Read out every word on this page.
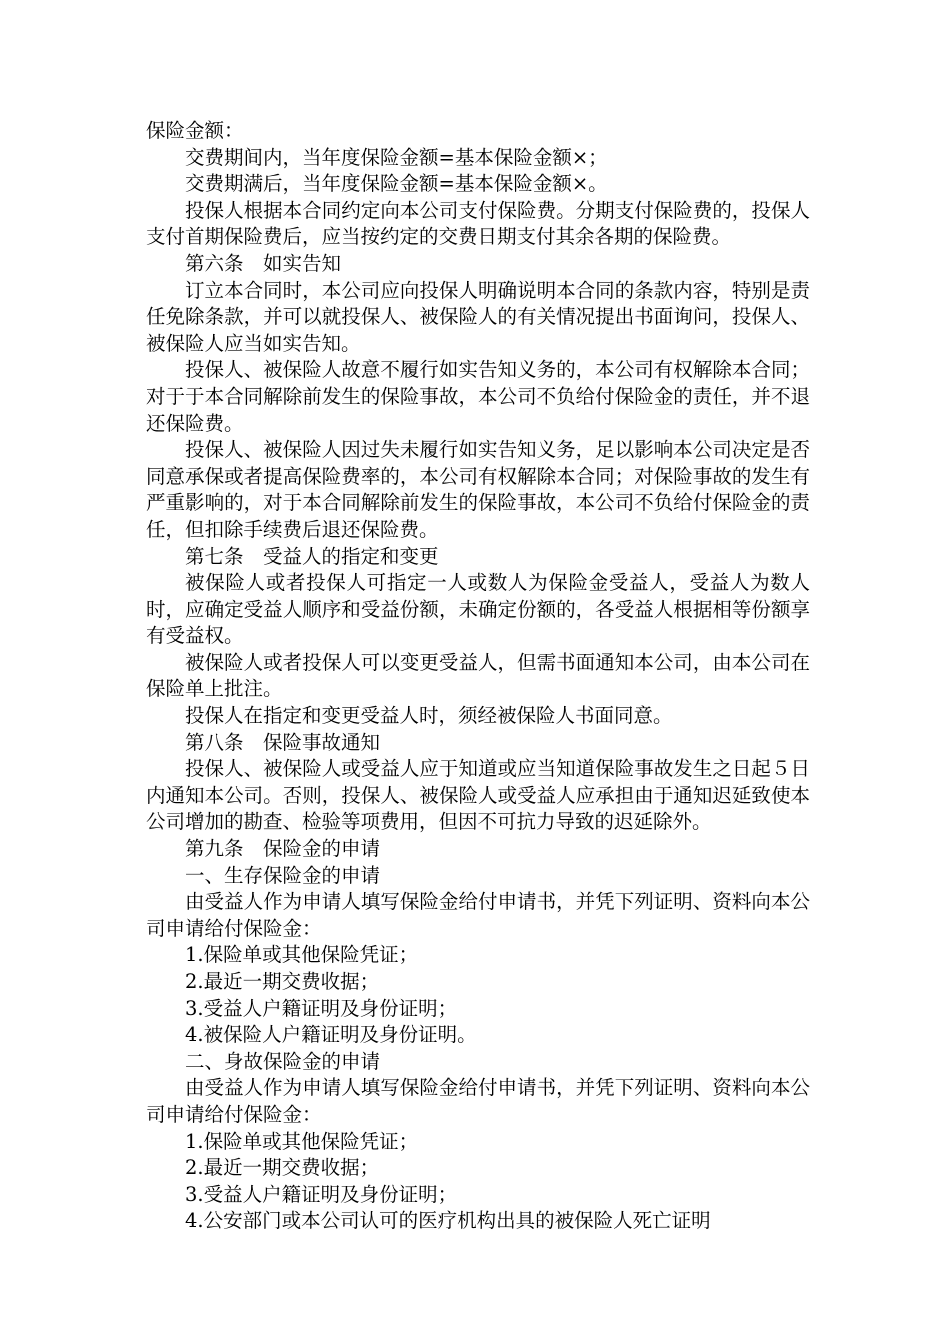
保险金额：

交费期间内，当年度保险金额=基本保险金额×；

交费期满后，当年度保险金额=基本保险金额×。

投保人根据本合同约定向本公司支付保险费。分期支付保险费的，投保人支付首期保险费后，应当按约定的交费日期支付其余各期的保险费。

第六条　如实告知

订立本合同时，本公司应向投保人明确说明本合同的条款内容，特别是责任免除条款，并可以就投保人、被保险人的有关情况提出书面询问，投保人、被保险人应当如实告知。

投保人、被保险人故意不履行如实告知义务的，本公司有权解除本合同；对于于本合同解除前发生的保险事故，本公司不负给付保险金的责任，并不退还保险费。

投保人、被保险人因过失未履行如实告知义务，足以影响本公司决定是否同意承保或者提高保险费率的，本公司有权解除本合同；对保险事故的发生有严重影响的，对于本合同解除前发生的保险事故，本公司不负给付保险金的责任，但扣除手续费后退还保险费。

第七条　受益人的指定和变更

被保险人或者投保人可指定一人或数人为保险金受益人，受益人为数人时，应确定受益人顺序和受益份额，未确定份额的，各受益人根据相等份额享有受益权。

被保险人或者投保人可以变更受益人，但需书面通知本公司，由本公司在保险单上批注。

投保人在指定和变更受益人时，须经被保险人书面同意。

第八条　保险事故通知

投保人、被保险人或受益人应于知道或应当知道保险事故发生之日起５日内通知本公司。否则，投保人、被保险人或受益人应承担由于通知迟延致使本公司增加的勘查、检验等项费用，但因不可抗力导致的迟延除外。

第九条　保险金的申请

一、生存保险金的申请

由受益人作为申请人填写保险金给付申请书，并凭下列证明、资料向本公司申请给付保险金：

1.保险单或其他保险凭证；

2.最近一期交费收据；

3.受益人户籍证明及身份证明；

4.被保险人户籍证明及身份证明。

二、身故保险金的申请

由受益人作为申请人填写保险金给付申请书，并凭下列证明、资料向本公司申请给付保险金：

1.保险单或其他保险凭证；

2.最近一期交费收据；

3.受益人户籍证明及身份证明；

4.公安部门或本公司认可的医疗机构出具的被保险人死亡证明
